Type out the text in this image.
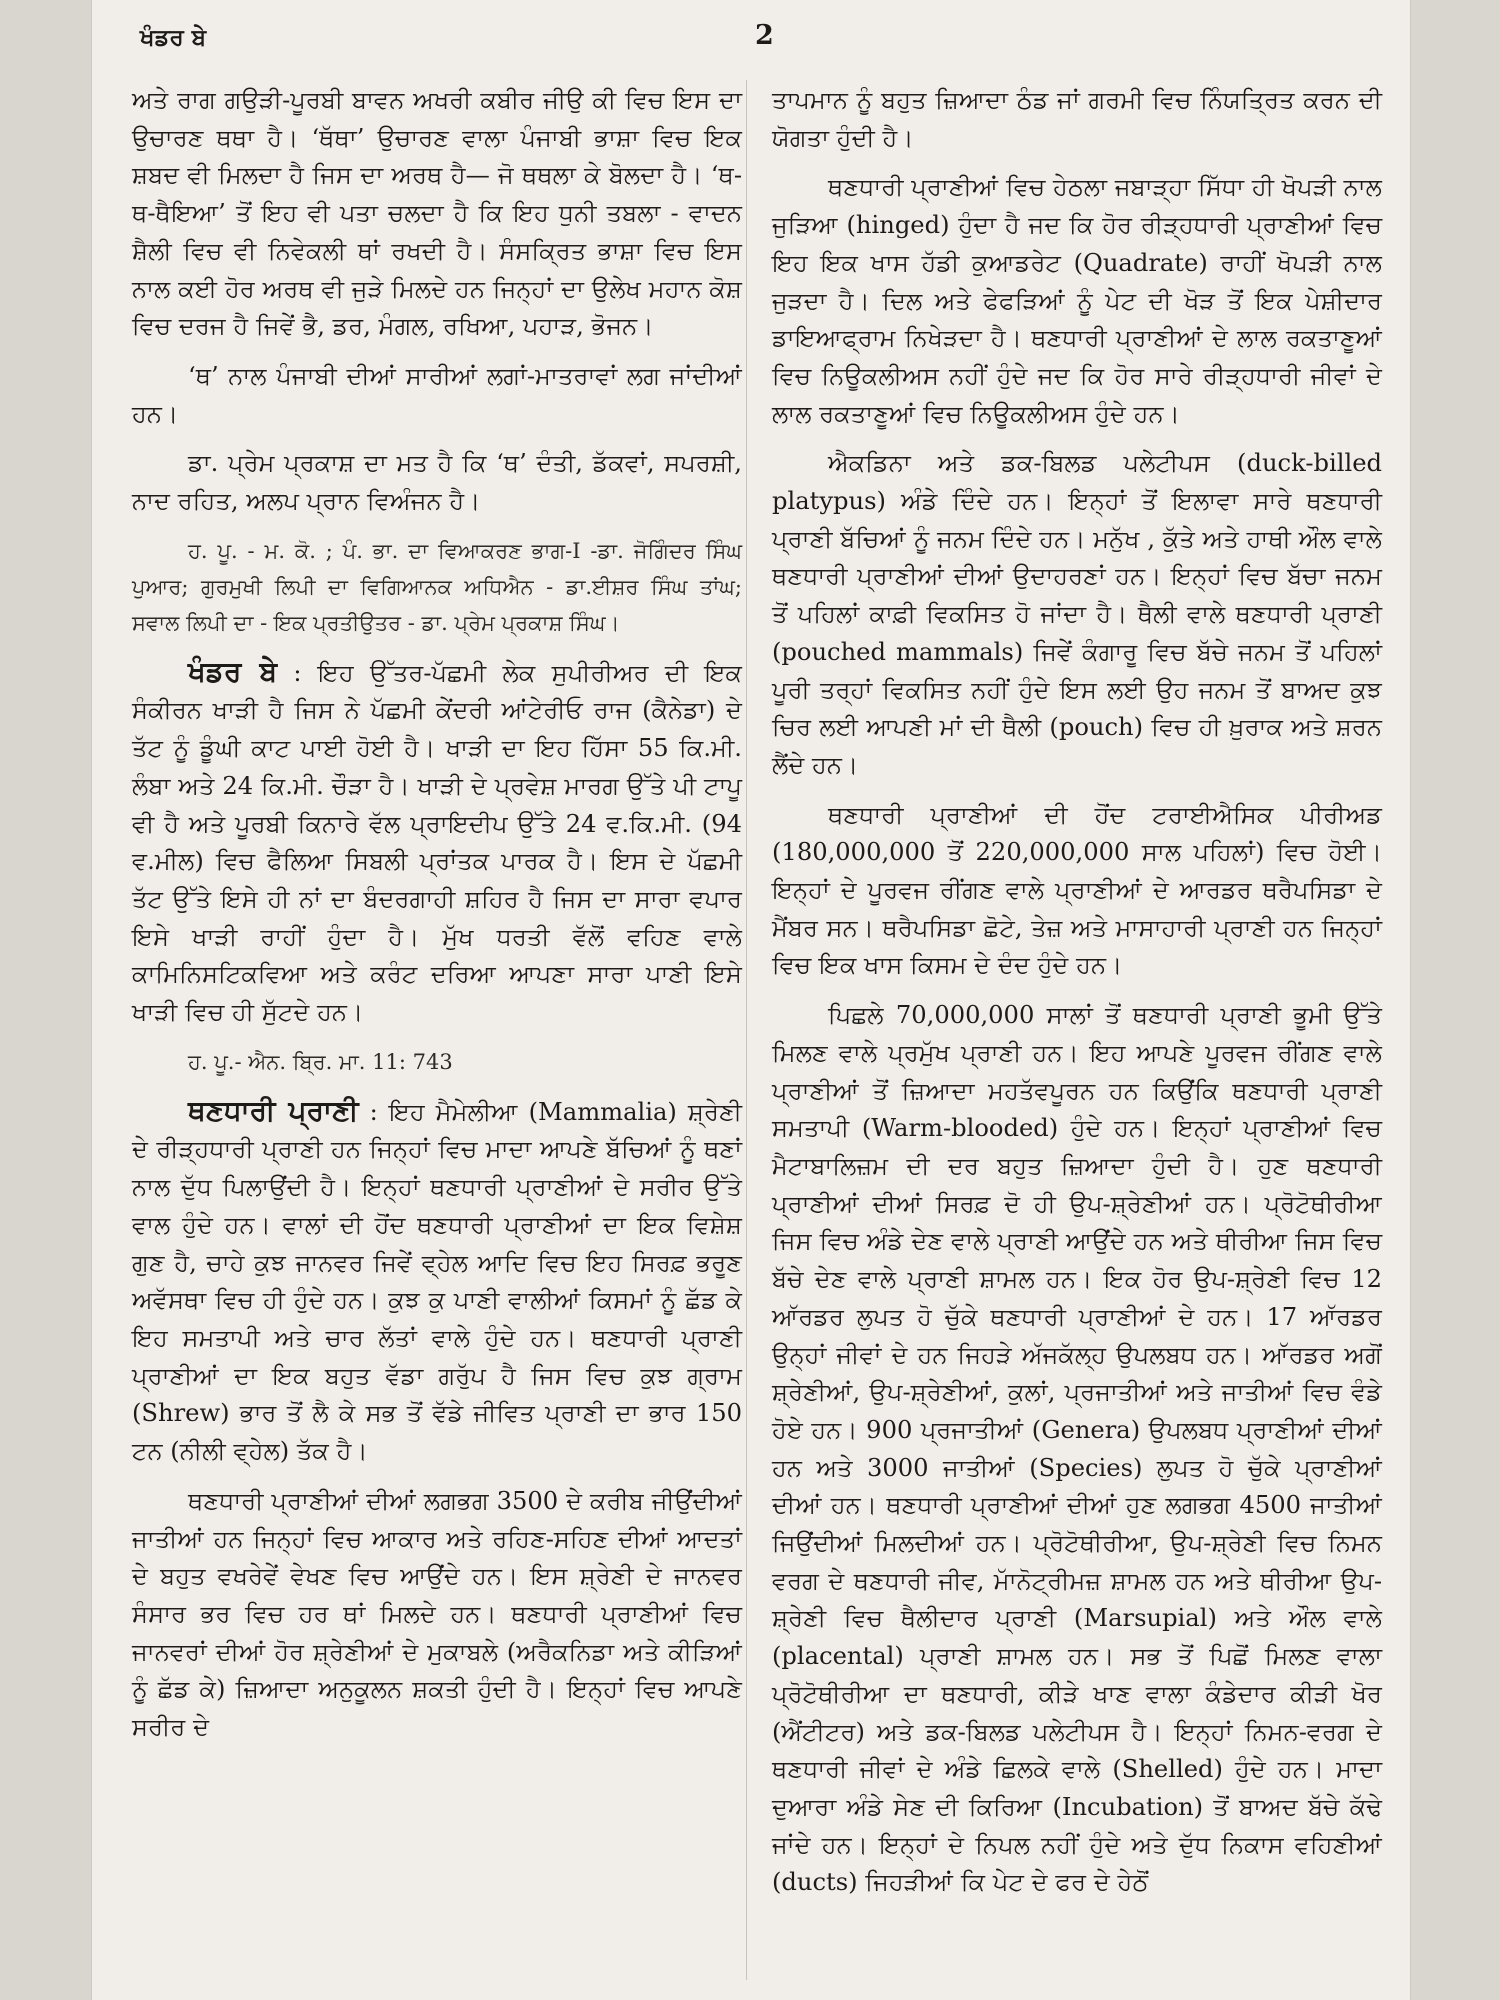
ਖੰਡਰ ਬੇ	2

ਅਤੇ ਰਾਗ ਗਉੜੀ-ਪੂਰਬੀ ਬਾਵਨ ਅਖਰੀ ਕਬੀਰ ਜੀਉ ਕੀ ਵਿਚ ਇਸ ਦਾ ਉਚਾਰਣ ਥਥਾ ਹੈ। ‘ਥੱਥਾ’ ਉਚਾਰਣ ਵਾਲਾ ਪੰਜਾਬੀ ਭਾਸ਼ਾ ਵਿਚ ਇਕ ਸ਼ਬਦ ਵੀ ਮਿਲਦਾ ਹੈ ਜਿਸ ਦਾ ਅਰਥ ਹੈ— ਜੋ ਥਥਲਾ ਕੇ ਬੋਲਦਾ ਹੈ। ‘ਥ-ਥ-ਥੈਇਆ’ ਤੋਂ ਇਹ ਵੀ ਪਤਾ ਚਲਦਾ ਹੈ ਕਿ ਇਹ ਧੁਨੀ ਤਬਲਾ - ਵਾਦਨ ਸ਼ੈਲੀ ਵਿਚ ਵੀ ਨਿਵੇਕਲੀ ਥਾਂ ਰਖਦੀ ਹੈ। ਸੰਸਕ੍ਰਿਤ ਭਾਸ਼ਾ ਵਿਚ ਇਸ ਨਾਲ ਕਈ ਹੋਰ ਅਰਥ ਵੀ ਜੁੜੇ ਮਿਲਦੇ ਹਨ ਜਿਨ੍ਹਾਂ ਦਾ ਉਲੇਖ ਮਹਾਨ ਕੋਸ਼ ਵਿਚ ਦਰਜ ਹੈ ਜਿਵੇਂ ਭੈ, ਡਰ, ਮੰਗਲ, ਰਖਿਆ, ਪਹਾੜ, ਭੋਜਨ।

‘ਥ’ ਨਾਲ ਪੰਜਾਬੀ ਦੀਆਂ ਸਾਰੀਆਂ ਲਗਾਂ-ਮਾਤਰਾਵਾਂ ਲਗ ਜਾਂਦੀਆਂ ਹਨ।

ਡਾ. ਪ੍ਰੇਮ ਪ੍ਰਕਾਸ਼ ਦਾ ਮਤ ਹੈ ਕਿ ‘ਥ’ ਦੰਤੀ, ਡੱਕਵਾਂ, ਸਪਰਸ਼ੀ, ਨਾਦ ਰਹਿਤ, ਅਲਪ ਪ੍ਰਾਨ ਵਿਅੰਜਨ ਹੈ।

ਹ. ਪੂ. - ਮ. ਕੋ. ; ਪੰ. ਭਾ. ਦਾ ਵਿਆਕਰਣ ਭਾਗ-I -ਡਾ. ਜੋਗਿੰਦਰ ਸਿੰਘ ਪੁਆਰ; ਗੁਰਮੁਖੀ ਲਿਪੀ ਦਾ ਵਿਗਿਆਨਕ ਅਧਿਐਨ - ਡਾ.ਈਸ਼ਰ ਸਿੰਘ ਤਾਂਘ; ਸਵਾਲ ਲਿਪੀ ਦਾ - ਇਕ ਪ੍ਰਤੀਉਤਰ - ਡਾ. ਪ੍ਰੇਮ ਪ੍ਰਕਾਸ਼ ਸਿੰਘ।

ਖੰਡਰ ਬੇ : ਇਹ ਉੱਤਰ-ਪੱਛਮੀ ਲੇਕ ਸੁਪੀਰੀਅਰ ਦੀ ਇਕ ਸੰਕੀਰਨ ਖਾੜੀ ਹੈ ਜਿਸ ਨੇ ਪੱਛਮੀ ਕੇਂਦਰੀ ਆਂਟੇਰੀਓ ਰਾਜ (ਕੈਨੇਡਾ) ਦੇ ਤੱਟ ਨੂੰ ਡੂੰਘੀ ਕਾਟ ਪਾਈ ਹੋਈ ਹੈ। ਖਾੜੀ ਦਾ ਇਹ ਹਿੱਸਾ 55 ਕਿ.ਮੀ. ਲੰਬਾ ਅਤੇ 24 ਕਿ.ਮੀ. ਚੌੜਾ ਹੈ। ਖਾੜੀ ਦੇ ਪ੍ਰਵੇਸ਼ ਮਾਰਗ ਉੱਤੇ ਪੀ ਟਾਪੂ ਵੀ ਹੈ ਅਤੇ ਪੂਰਬੀ ਕਿਨਾਰੇ ਵੱਲ ਪ੍ਰਾਇਦੀਪ ਉੱਤੇ 24 ਵ.ਕਿ.ਮੀ. (94 ਵ.ਮੀਲ) ਵਿਚ ਫੈਲਿਆ ਸਿਬਲੀ ਪ੍ਰਾਂਤਕ ਪਾਰਕ ਹੈ। ਇਸ ਦੇ ਪੱਛਮੀ ਤੱਟ ਉੱਤੇ ਇਸੇ ਹੀ ਨਾਂ ਦਾ ਬੰਦਰਗਾਹੀ ਸ਼ਹਿਰ ਹੈ ਜਿਸ ਦਾ ਸਾਰਾ ਵਪਾਰ ਇਸੇ ਖਾੜੀ ਰਾਹੀਂ ਹੁੰਦਾ ਹੈ। ਮੁੱਖ ਧਰਤੀ ਵੱਲੋਂ ਵਹਿਣ ਵਾਲੇ ਕਾਮਿਨਿਸਟਿਕਵਿਆ ਅਤੇ ਕਰੰਟ ਦਰਿਆ ਆਪਣਾ ਸਾਰਾ ਪਾਣੀ ਇਸੇ ਖਾੜੀ ਵਿਚ ਹੀ ਸੁੱਟਦੇ ਹਨ।

ਹ. ਪੂ.- ਐਨ. ਬ੍ਰਿ. ਮਾ. 11: 743

ਥਣਧਾਰੀ ਪ੍ਰਾਣੀ : ਇਹ ਮੈਮੇਲੀਆ (Mammalia) ਸ਼੍ਰੇਣੀ ਦੇ ਰੀੜ੍ਹਧਾਰੀ ਪ੍ਰਾਣੀ ਹਨ ਜਿਨ੍ਹਾਂ ਵਿਚ ਮਾਦਾ ਆਪਣੇ ਬੱਚਿਆਂ ਨੂੰ ਥਣਾਂ ਨਾਲ ਦੁੱਧ ਪਿਲਾਉਂਦੀ ਹੈ। ਇਨ੍ਹਾਂ ਥਣਧਾਰੀ ਪ੍ਰਾਣੀਆਂ ਦੇ ਸਰੀਰ ਉੱਤੇ ਵਾਲ ਹੁੰਦੇ ਹਨ। ਵਾਲਾਂ ਦੀ ਹੋਂਦ ਥਣਧਾਰੀ ਪ੍ਰਾਣੀਆਂ ਦਾ ਇਕ ਵਿਸ਼ੇਸ਼ ਗੁਣ ਹੈ, ਚਾਹੇ ਕੁਝ ਜਾਨਵਰ ਜਿਵੇਂ ਵ੍ਹੇਲ ਆਦਿ ਵਿਚ ਇਹ ਸਿਰਫ਼ ਭਰੂਣ ਅਵੱਸਥਾ ਵਿਚ ਹੀ ਹੁੰਦੇ ਹਨ। ਕੁਝ ਕੁ ਪਾਣੀ ਵਾਲੀਆਂ ਕਿਸਮਾਂ ਨੂੰ ਛੱਡ ਕੇ ਇਹ ਸਮਤਾਪੀ ਅਤੇ ਚਾਰ ਲੱਤਾਂ ਵਾਲੇ ਹੁੰਦੇ ਹਨ। ਥਣਧਾਰੀ ਪ੍ਰਾਣੀ ਪ੍ਰਾਣੀਆਂ ਦਾ ਇਕ ਬਹੁਤ ਵੱਡਾ ਗਰੁੱਪ ਹੈ ਜਿਸ ਵਿਚ ਕੁਝ ਗ੍ਰਾਮ (Shrew) ਭਾਰ ਤੋਂ ਲੈ ਕੇ ਸਭ ਤੋਂ ਵੱਡੇ ਜੀਵਿਤ ਪ੍ਰਾਣੀ ਦਾ ਭਾਰ 150 ਟਨ (ਨੀਲੀ ਵ੍ਹੇਲ) ਤੱਕ ਹੈ।

ਥਣਧਾਰੀ ਪ੍ਰਾਣੀਆਂ ਦੀਆਂ ਲਗਭਗ 3500 ਦੇ ਕਰੀਬ ਜੀਉਂਦੀਆਂ ਜਾਤੀਆਂ ਹਨ ਜਿਨ੍ਹਾਂ ਵਿਚ ਆਕਾਰ ਅਤੇ ਰਹਿਣ-ਸਹਿਣ ਦੀਆਂ ਆਦਤਾਂ ਦੇ ਬਹੁਤ ਵਖਰੇਵੇਂ ਵੇਖਣ ਵਿਚ ਆਉਂਦੇ ਹਨ। ਇਸ ਸ਼੍ਰੇਣੀ ਦੇ ਜਾਨਵਰ ਸੰਸਾਰ ਭਰ ਵਿਚ ਹਰ ਥਾਂ ਮਿਲਦੇ ਹਨ। ਥਣਧਾਰੀ ਪ੍ਰਾਣੀਆਂ ਵਿਚ ਜਾਨਵਰਾਂ ਦੀਆਂ ਹੋਰ ਸ਼੍ਰੇਣੀਆਂ ਦੇ ਮੁਕਾਬਲੇ (ਅਰੈਕਨਿਡਾ ਅਤੇ ਕੀੜਿਆਂ ਨੂੰ ਛੱਡ ਕੇ) ਜ਼ਿਆਦਾ ਅਨੁਕੂਲਨ ਸ਼ਕਤੀ ਹੁੰਦੀ ਹੈ। ਇਨ੍ਹਾਂ ਵਿਚ ਆਪਣੇ ਸਰੀਰ ਦੇ

ਤਾਪਮਾਨ ਨੂੰ ਬਹੁਤ ਜ਼ਿਆਦਾ ਠੰਡ ਜਾਂ ਗਰਮੀ ਵਿਚ ਨਿੰਯਤ੍ਰਿਤ ਕਰਨ ਦੀ ਯੋਗਤਾ ਹੁੰਦੀ ਹੈ।

ਥਣਧਾਰੀ ਪ੍ਰਾਣੀਆਂ ਵਿਚ ਹੇਠਲਾ ਜਬਾੜ੍ਹਾ ਸਿੱਧਾ ਹੀ ਖੋਪੜੀ ਨਾਲ ਜੁੜਿਆ (hinged) ਹੁੰਦਾ ਹੈ ਜਦ ਕਿ ਹੋਰ ਰੀੜ੍ਹਧਾਰੀ ਪ੍ਰਾਣੀਆਂ ਵਿਚ ਇਹ ਇਕ ਖਾਸ ਹੱਡੀ ਕੁਆਡਰੇਟ (Quadrate) ਰਾਹੀਂ ਖੋਪੜੀ ਨਾਲ ਜੁੜਦਾ ਹੈ। ਦਿਲ ਅਤੇ ਫੇਫੜਿਆਂ ਨੂੰ ਪੇਟ ਦੀ ਖੋੜ ਤੋਂ ਇਕ ਪੇਸ਼ੀਦਾਰ ਡਾਇਆਫ੍ਰਾਮ ਨਿਖੇੜਦਾ ਹੈ। ਥਣਧਾਰੀ ਪ੍ਰਾਣੀਆਂ ਦੇ ਲਾਲ ਰਕਤਾਣੂਆਂ ਵਿਚ ਨਿਊਕਲੀਅਸ ਨਹੀਂ ਹੁੰਦੇ ਜਦ ਕਿ ਹੋਰ ਸਾਰੇ ਰੀੜ੍ਹਧਾਰੀ ਜੀਵਾਂ ਦੇ ਲਾਲ ਰਕਤਾਣੂਆਂ ਵਿਚ ਨਿਊਕਲੀਅਸ ਹੁੰਦੇ ਹਨ।

ਐਕਡਿਨਾ ਅਤੇ ਡਕ-ਬਿਲਡ ਪਲੇਟੀਪਸ (duck-billed platypus) ਅੰਡੇ ਦਿੰਦੇ ਹਨ। ਇਨ੍ਹਾਂ ਤੋਂ ਇਲਾਵਾ ਸਾਰੇ ਥਣਧਾਰੀ ਪ੍ਰਾਣੀ ਬੱਚਿਆਂ ਨੂੰ ਜਨਮ ਦਿੰਦੇ ਹਨ। ਮਨੁੱਖ , ਕੁੱਤੇ ਅਤੇ ਹਾਥੀ ਔਲ ਵਾਲੇ ਥਣਧਾਰੀ ਪ੍ਰਾਣੀਆਂ ਦੀਆਂ ਉਦਾਹਰਣਾਂ ਹਨ। ਇਨ੍ਹਾਂ ਵਿਚ ਬੱਚਾ ਜਨਮ ਤੋਂ ਪਹਿਲਾਂ ਕਾਫ਼ੀ ਵਿਕਸਿਤ ਹੋ ਜਾਂਦਾ ਹੈ। ਥੈਲੀ ਵਾਲੇ ਥਣਧਾਰੀ ਪ੍ਰਾਣੀ (pouched mammals) ਜਿਵੇਂ ਕੰਗਾਰੂ ਵਿਚ ਬੱਚੇ ਜਨਮ ਤੋਂ ਪਹਿਲਾਂ ਪੂਰੀ ਤਰ੍ਹਾਂ ਵਿਕਸਿਤ ਨਹੀਂ ਹੁੰਦੇ ਇਸ ਲਈ ਉਹ ਜਨਮ ਤੋਂ ਬਾਅਦ ਕੁਝ ਚਿਰ ਲਈ ਆਪਣੀ ਮਾਂ ਦੀ ਥੈਲੀ (pouch) ਵਿਚ ਹੀ ਖ਼ੁਰਾਕ ਅਤੇ ਸ਼ਰਨ ਲੈਂਦੇ ਹਨ।

ਥਣਧਾਰੀ ਪ੍ਰਾਣੀਆਂ ਦੀ ਹੋਂਦ ਟਰਾਈਐਸਿਕ ਪੀਰੀਅਡ (180,000,000 ਤੋਂ 220,000,000 ਸਾਲ ਪਹਿਲਾਂ) ਵਿਚ ਹੋਈ। ਇਨ੍ਹਾਂ ਦੇ ਪੂਰਵਜ ਰੀਂਗਣ ਵਾਲੇ ਪ੍ਰਾਣੀਆਂ ਦੇ ਆਰਡਰ ਥਰੈਪਸਿਡਾ ਦੇ ਮੈਂਬਰ ਸਨ। ਥਰੈਪਸਿਡਾ ਛੋਟੇ, ਤੇਜ਼ ਅਤੇ ਮਾਸਾਹਾਰੀ ਪ੍ਰਾਣੀ ਹਨ ਜਿਨ੍ਹਾਂ ਵਿਚ ਇਕ ਖਾਸ ਕਿਸਮ ਦੇ ਦੰਦ ਹੁੰਦੇ ਹਨ।

ਪਿਛਲੇ 70,000,000 ਸਾਲਾਂ ਤੋਂ ਥਣਧਾਰੀ ਪ੍ਰਾਣੀ ਭੂਮੀ ਉੱਤੇ ਮਿਲਣ ਵਾਲੇ ਪ੍ਰਮੁੱਖ ਪ੍ਰਾਣੀ ਹਨ। ਇਹ ਆਪਣੇ ਪੂਰਵਜ ਰੀਂਗਣ ਵਾਲੇ ਪ੍ਰਾਣੀਆਂ ਤੋਂ ਜ਼ਿਆਦਾ ਮਹਤੱਵਪੂਰਨ ਹਨ ਕਿਉਂਕਿ ਥਣਧਾਰੀ ਪ੍ਰਾਣੀ ਸਮਤਾਪੀ (Warm-blooded) ਹੁੰਦੇ ਹਨ। ਇਨ੍ਹਾਂ ਪ੍ਰਾਣੀਆਂ ਵਿਚ ਮੈਟਾਬਾਲਿਜ਼ਮ ਦੀ ਦਰ ਬਹੁਤ ਜ਼ਿਆਦਾ ਹੁੰਦੀ ਹੈ। ਹੁਣ ਥਣਧਾਰੀ ਪ੍ਰਾਣੀਆਂ ਦੀਆਂ ਸਿਰਫ਼ ਦੋ ਹੀ ਉਪ-ਸ਼੍ਰੇਣੀਆਂ ਹਨ। ਪ੍ਰੋਟੋਥੀਰੀਆ ਜਿਸ ਵਿਚ ਅੰਡੇ ਦੇਣ ਵਾਲੇ ਪ੍ਰਾਣੀ ਆਉਂਦੇ ਹਨ ਅਤੇ ਥੀਰੀਆ ਜਿਸ ਵਿਚ ਬੱਚੇ ਦੇਣ ਵਾਲੇ ਪ੍ਰਾਣੀ ਸ਼ਾਮਲ ਹਨ। ਇਕ ਹੋਰ ਉਪ-ਸ਼੍ਰੇਣੀ ਵਿਚ 12 ਆੱਰਡਰ ਲੁਪਤ ਹੋ ਚੁੱਕੇ ਥਣਧਾਰੀ ਪ੍ਰਾਣੀਆਂ ਦੇ ਹਨ। 17 ਆੱਰਡਰ ਉਨ੍ਹਾਂ ਜੀਵਾਂ ਦੇ ਹਨ ਜਿਹੜੇ ਅੱਜਕੱਲ੍ਹ ਉਪਲਬਧ ਹਨ। ਆੱਰਡਰ ਅਗੋਂ ਸ਼੍ਰੇਣੀਆਂ, ਉਪ-ਸ਼੍ਰੇਣੀਆਂ, ਕੁਲਾਂ, ਪ੍ਰਜਾਤੀਆਂ ਅਤੇ ਜਾਤੀਆਂ ਵਿਚ ਵੰਡੇ ਹੋਏ ਹਨ। 900 ਪ੍ਰਜਾਤੀਆਂ (Genera) ਉਪਲਬਧ ਪ੍ਰਾਣੀਆਂ ਦੀਆਂ ਹਨ ਅਤੇ 3000 ਜਾਤੀਆਂ (Species) ਲੁਪਤ ਹੋ ਚੁੱਕੇ ਪ੍ਰਾਣੀਆਂ ਦੀਆਂ ਹਨ। ਥਣਧਾਰੀ ਪ੍ਰਾਣੀਆਂ ਦੀਆਂ ਹੁਣ ਲਗਭਗ 4500 ਜਾਤੀਆਂ ਜਿਉਂਦੀਆਂ ਮਿਲਦੀਆਂ ਹਨ। ਪ੍ਰੋਟੋਥੀਰੀਆ, ਉਪ-ਸ਼੍ਰੇਣੀ ਵਿਚ ਨਿਮਨ ਵਰਗ ਦੇ ਥਣਧਾਰੀ ਜੀਵ, ਮਾੱਨੋਟ੍ਰੀਮਜ਼ ਸ਼ਾਮਲ ਹਨ ਅਤੇ ਥੀਰੀਆ ਉਪ-ਸ਼੍ਰੇਣੀ ਵਿਚ ਥੈਲੀਦਾਰ ਪ੍ਰਾਣੀ (Marsupial) ਅਤੇ ਔਲ ਵਾਲੇ (placental) ਪ੍ਰਾਣੀ ਸ਼ਾਮਲ ਹਨ। ਸਭ ਤੋਂ ਪਿਛੋਂ ਮਿਲਣ ਵਾਲਾ ਪ੍ਰੋਟੋਥੀਰੀਆ ਦਾ ਥਣਧਾਰੀ, ਕੀੜੇ ਖਾਣ ਵਾਲਾ ਕੰਡੇਦਾਰ ਕੀੜੀ ਖੋਰ (ਐਂਟੀਟਰ) ਅਤੇ ਡਕ-ਬਿਲਡ ਪਲੇਟੀਪਸ ਹੈ। ਇਨ੍ਹਾਂ ਨਿਮਨ-ਵਰਗ ਦੇ ਥਣਧਾਰੀ ਜੀਵਾਂ ਦੇ ਅੰਡੇ ਛਿਲਕੇ ਵਾਲੇ (Shelled) ਹੁੰਦੇ ਹਨ। ਮਾਦਾ ਦੁਆਰਾ ਅੰਡੇ ਸੇਣ ਦੀ ਕਿਰਿਆ (Incubation) ਤੋਂ ਬਾਅਦ ਬੱਚੇ ਕੱਢੇ ਜਾਂਦੇ ਹਨ। ਇਨ੍ਹਾਂ ਦੇ ਨਿਪਲ ਨਹੀਂ ਹੁੰਦੇ ਅਤੇ ਦੁੱਧ ਨਿਕਾਸ ਵਹਿਣੀਆਂ (ducts) ਜਿਹੜੀਆਂ ਕਿ ਪੇਟ ਦੇ ਫਰ ਦੇ ਹੇਠੋਂ
